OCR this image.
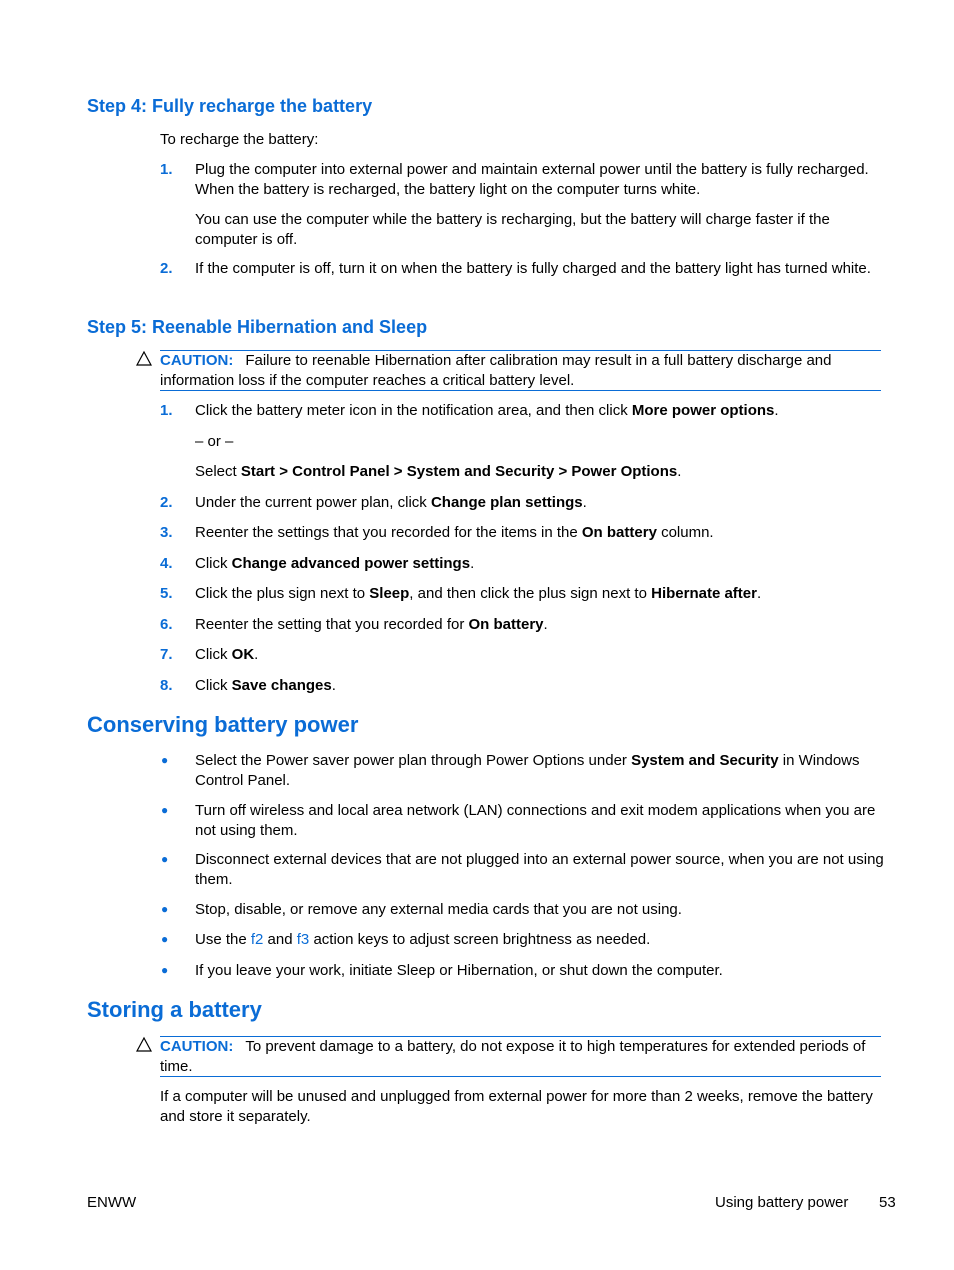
Step 4: Fully recharge the battery
To recharge the battery:
1.	Plug the computer into external power and maintain external power until the battery is fully recharged. When the battery is recharged, the battery light on the computer turns white.
You can use the computer while the battery is recharging, but the battery will charge faster if the computer is off.
2.	If the computer is off, turn it on when the battery is fully charged and the battery light has turned white.
Step 5: Reenable Hibernation and Sleep
CAUTION: Failure to reenable Hibernation after calibration may result in a full battery discharge and information loss if the computer reaches a critical battery level.
1.	Click the battery meter icon in the notification area, and then click More power options.
– or –
Select Start > Control Panel > System and Security > Power Options.
2.	Under the current power plan, click Change plan settings.
3.	Reenter the settings that you recorded for the items in the On battery column.
4.	Click Change advanced power settings.
5.	Click the plus sign next to Sleep, and then click the plus sign next to Hibernate after.
6.	Reenter the setting that you recorded for On battery.
7.	Click OK.
8.	Click Save changes.
Conserving battery power
● Select the Power saver power plan through Power Options under System and Security in Windows Control Panel.
● Turn off wireless and local area network (LAN) connections and exit modem applications when you are not using them.
● Disconnect external devices that are not plugged into an external power source, when you are not using them.
● Stop, disable, or remove any external media cards that you are not using.
● Use the f2 and f3 action keys to adjust screen brightness as needed.
● If you leave your work, initiate Sleep or Hibernation, or shut down the computer.
Storing a battery
CAUTION: To prevent damage to a battery, do not expose it to high temperatures for extended periods of time.
If a computer will be unused and unplugged from external power for more than 2 weeks, remove the battery and store it separately.
ENWW	Using battery power 53
